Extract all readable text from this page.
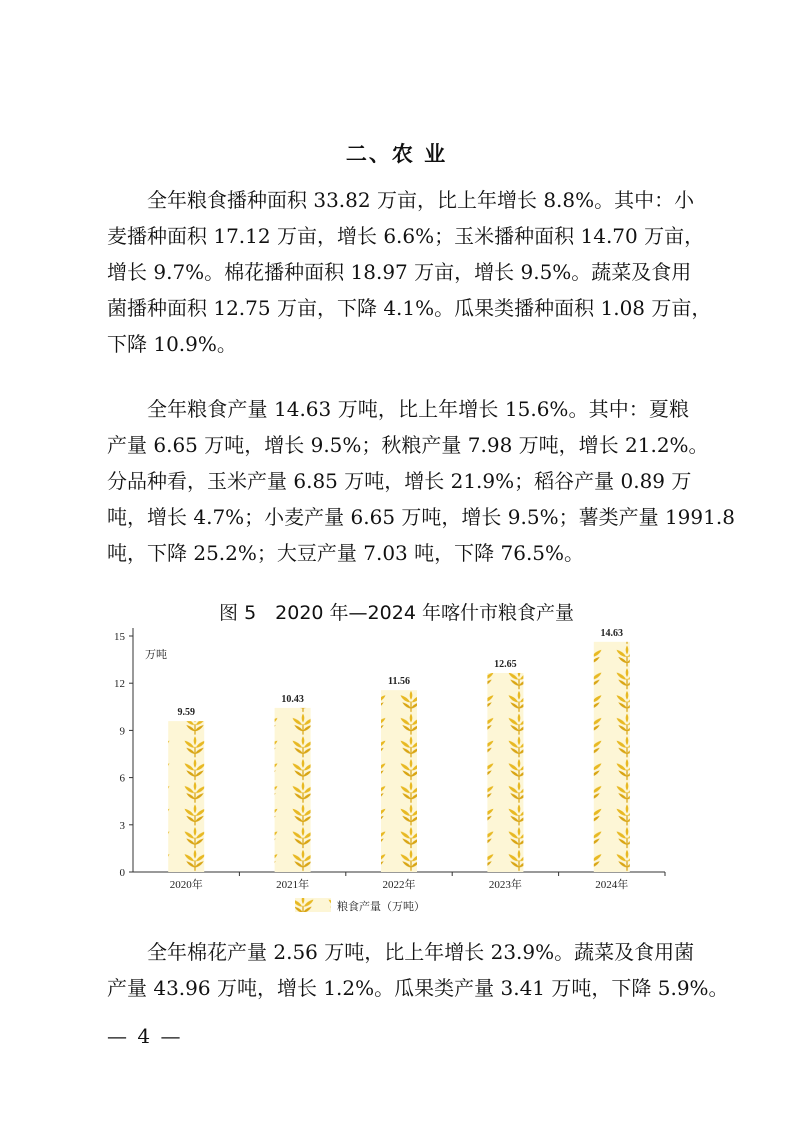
二、农 业
全年粮食播种面积 33.82 万亩，比上年增长 8.8%。其中：小
麦播种面积 17.12 万亩，增长 6.6%；玉米播种面积 14.70 万亩，
增长 9.7%。棉花播种面积 18.97 万亩，增长 9.5%。蔬菜及食用
菌播种面积 12.75 万亩，下降 4.1%。瓜果类播种面积 1.08 万亩，
下降 10.9%。
全年粮食产量 14.63 万吨，比上年增长 15.6%。其中：夏粮
产量 6.65 万吨，增长 9.5%；秋粮产量 7.98 万吨，增长 21.2%。
分品种看，玉米产量 6.85 万吨，增长 21.9%；稻谷产量 0.89 万
吨，增长 4.7%；小麦产量 6.65 万吨，增长 9.5%；薯类产量 1991.8
吨，下降 25.2%；大豆产量 7.03 吨，下降 76.5%。
图 5　2020 年—2024 年喀什市粮食产量
万吨
0
3
6
9
12
15
9.59
2020年
10.43
2021年
11.56
2022年
12.65
2023年
14.63
2024年
粮食产量（万吨）
全年棉花产量 2.56 万吨，比上年增长 23.9%。蔬菜及食用菌
产量 43.96 万吨，增长 1.2%。瓜果类产量 3.41 万吨，下降 5.9%。
— 4 —
